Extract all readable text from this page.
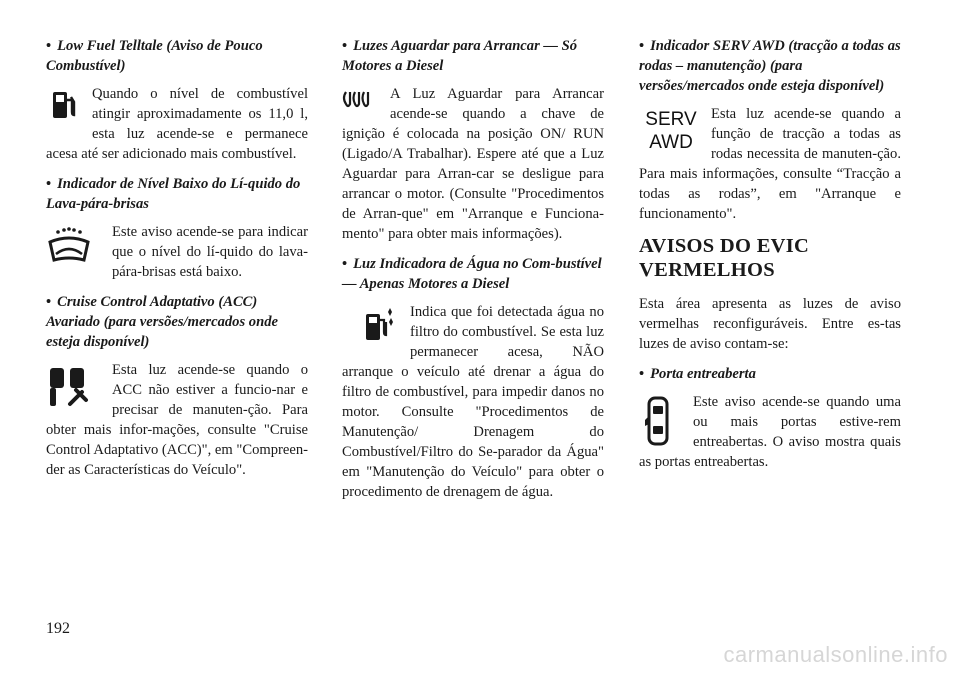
• Low Fuel Telltale (Aviso de Pouco Combustível)

Quando o nível de combustível atingir aproximadamente os 11,0 l, esta luz acende-se e permanece acesa até ser adicionado mais combustível.

• Indicador de Nível Baixo do Lí-quido do Lava-pára-brisas

Este aviso acende-se para indicar que o nível do lí-quido do lava-pára-brisas está baixo.

• Cruise Control Adaptativo (ACC) Avariado (para versões/mercados onde esteja disponível)

Esta luz acende-se quando o ACC não estiver a funcio-nar e precisar de manuten-ção. Para obter mais infor-mações, consulte "Cruise Control Adaptativo (ACC)", em "Compreen-der as Características do Veículo".

• Luzes Aguardar para Arrancar — Só Motores a Diesel

A Luz Aguardar para Arrancar acende-se quando a chave de ignição é colocada na posição ON/ RUN (Ligado/A Trabalhar). Espere até que a Luz Aguardar para Arran-car se desligue para arrancar o motor. (Consulte "Procedimentos de Arran-que" em "Arranque e Funciona-mento" para obter mais informações).

• Luz Indicadora de Água no Com-bustível — Apenas Motores a Diesel

Indica que foi detectada água no filtro do combustível. Se esta luz permanecer acesa, NÃO arranque o veículo até drenar a água do filtro de combustível, para impedir danos no motor. Consulte "Procedimentos de Manutenção/ Drenagem do Combustível/Filtro do Se-parador da Água" em "Manutenção do Veículo" para obter o procedimento de drenagem de água.

• Indicador SERV AWD (tracção a todas as rodas – manutenção) (para versões/mercados onde esteja disponível)

SERV
AWD
Esta luz acende-se quando a função de tracção a todas as rodas necessita de manuten-ção. Para mais informações, consulte “Tracção a todas as rodas”, em "Arranque e funcionamento".

AVISOS DO EVIC VERMELHOS

Esta área apresenta as luzes de aviso vermelhas reconfiguráveis. Entre es-tas luzes de aviso contam-se:

• Porta entreaberta

Este aviso acende-se quando uma ou mais portas estive-rem entreabertas. O aviso mostra quais as portas entreabertas.

192
carmanualsonline.info
